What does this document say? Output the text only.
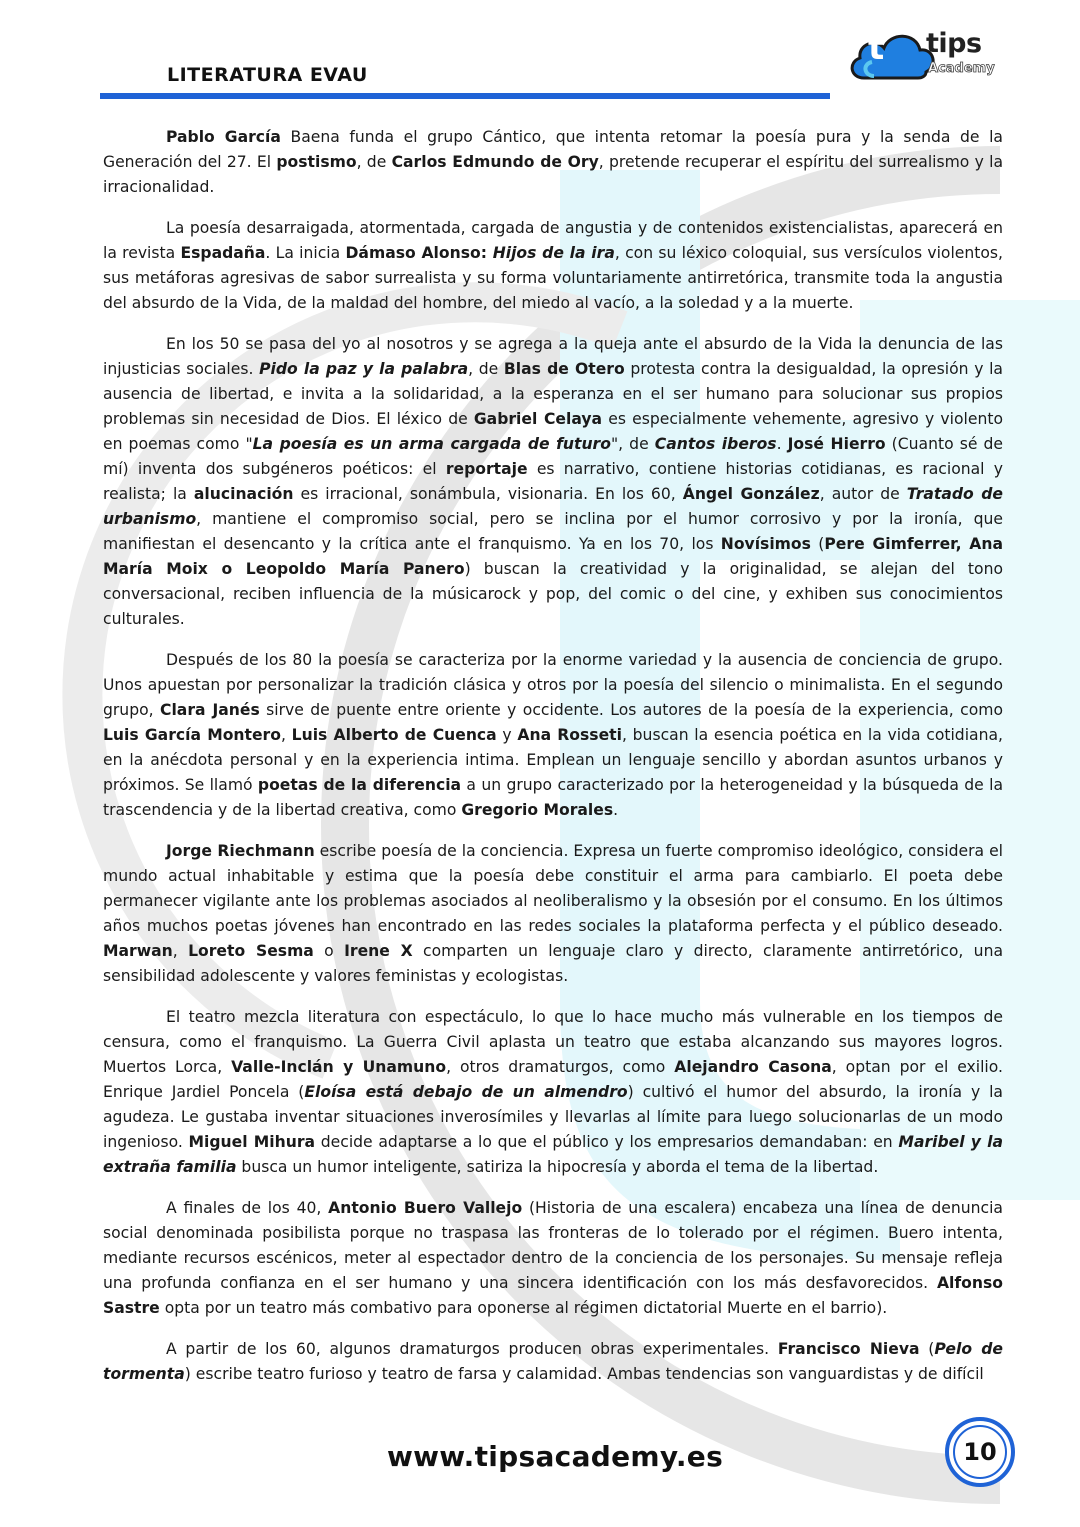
LITERATURA EVAU
t tips
Academy

Pablo García Baena funda el grupo Cántico, que intenta retomar la poesía pura y la senda de la Generación del 27. El postismo, de Carlos Edmundo de Ory, pretende recuperar el espíritu del surrealismo y la irracionalidad.

La poesía desarraigada, atormentada, cargada de angustia y de contenidos existencialistas, aparecerá en la revista Espadaña. La inicia Dámaso Alonso: Hijos de la ira, con su léxico coloquial, sus versículos violentos, sus metáforas agresivas de sabor surrealista y su forma voluntariamente antirretórica, transmite toda la angustia del absurdo de la Vida, de la maldad del hombre, del miedo al vacío, a la soledad y a la muerte.

En los 50 se pasa del yo al nosotros y se agrega a la queja ante el absurdo de la Vida la denuncia de las injusticias sociales. Pido la paz y la palabra, de Blas de Otero protesta contra la desigualdad, la opresión y la ausencia de libertad, e invita a la solidaridad, a la esperanza en el ser humano para solucionar sus propios problemas sin necesidad de Dios. El léxico de Gabriel Celaya es especialmente vehemente, agresivo y violento en poemas como "La poesía es un arma cargada de futuro", de Cantos iberos. José Hierro (Cuanto sé de mí) inventa dos subgéneros poéticos: el reportaje es narrativo, contiene historias cotidianas, es racional y realista; la alucinación es irracional, sonámbula, visionaria. En los 60, Ángel González, autor de Tratado de urbanismo, mantiene el compromiso social, pero se inclina por el humor corrosivo y por la ironía, que manifiestan el desencanto y la crítica ante el franquismo. Ya en los 70, los Novísimos (Pere Gimferrer, Ana María Moix o Leopoldo María Panero) buscan la creatividad y la originalidad, se alejan del tono conversacional, reciben influencia de la músicarock y pop, del comic o del cine, y exhiben sus conocimientos culturales.

Después de los 80 la poesía se caracteriza por la enorme variedad y la ausencia de conciencia de grupo. Unos apuestan por personalizar la tradición clásica y otros por la poesía del silencio o minimalista. En el segundo grupo, Clara Janés sirve de puente entre oriente y occidente. Los autores de la poesía de la experiencia, como Luis García Montero, Luis Alberto de Cuenca y Ana Rosseti, buscan la esencia poética en la vida cotidiana, en la anécdota personal y en la experiencia intima. Emplean un lenguaje sencillo y abordan asuntos urbanos y próximos. Se llamó poetas de la diferencia a un grupo caracterizado por la heterogeneidad y la búsqueda de la trascendencia y de la libertad creativa, como Gregorio Morales.

Jorge Riechmann escribe poesía de la conciencia. Expresa un fuerte compromiso ideológico, considera el mundo actual inhabitable y estima que la poesía debe constituir el arma para cambiarlo. El poeta debe permanecer vigilante ante los problemas asociados al neoliberalismo y la obsesión por el consumo. En los últimos años muchos poetas jóvenes han encontrado en las redes sociales la plataforma perfecta y el público deseado. Marwan, Loreto Sesma o Irene X comparten un lenguaje claro y directo, claramente antirretórico, una sensibilidad adolescente y valores feministas y ecologistas.

El teatro mezcla literatura con espectáculo, lo que lo hace mucho más vulnerable en los tiempos de censura, como el franquismo. La Guerra Civil aplasta un teatro que estaba alcanzando sus mayores logros. Muertos Lorca, Valle-Inclán y Unamuno, otros dramaturgos, como Alejandro Casona, optan por el exilio. Enrique Jardiel Poncela (Eloísa está debajo de un almendro) cultivó el humor del absurdo, la ironía y la agudeza. Le gustaba inventar situaciones inverosímiles y llevarlas al límite para luego solucionarlas de un modo ingenioso. Miguel Mihura decide adaptarse a lo que el público y los empresarios demandaban: en Maribel y la extraña familia busca un humor inteligente, satiriza la hipocresía y aborda el tema de la libertad.

A finales de los 40, Antonio Buero Vallejo (Historia de una escalera) encabeza una línea de denuncia social denominada posibilista porque no traspasa las fronteras de lo tolerado por el régimen. Buero intenta, mediante recursos escénicos, meter al espectador dentro de la conciencia de los personajes. Su mensaje refleja una profunda confianza en el ser humano y una sincera identificación con los más desfavorecidos. Alfonso Sastre opta por un teatro más combativo para oponerse al régimen dictatorial Muerte en el barrio).

A partir de los 60, algunos dramaturgos producen obras experimentales. Francisco Nieva (Pelo de tormenta) escribe teatro furioso y teatro de farsa y calamidad. Ambas tendencias son vanguardistas y de difícil

www.tipsacademy.es	10
